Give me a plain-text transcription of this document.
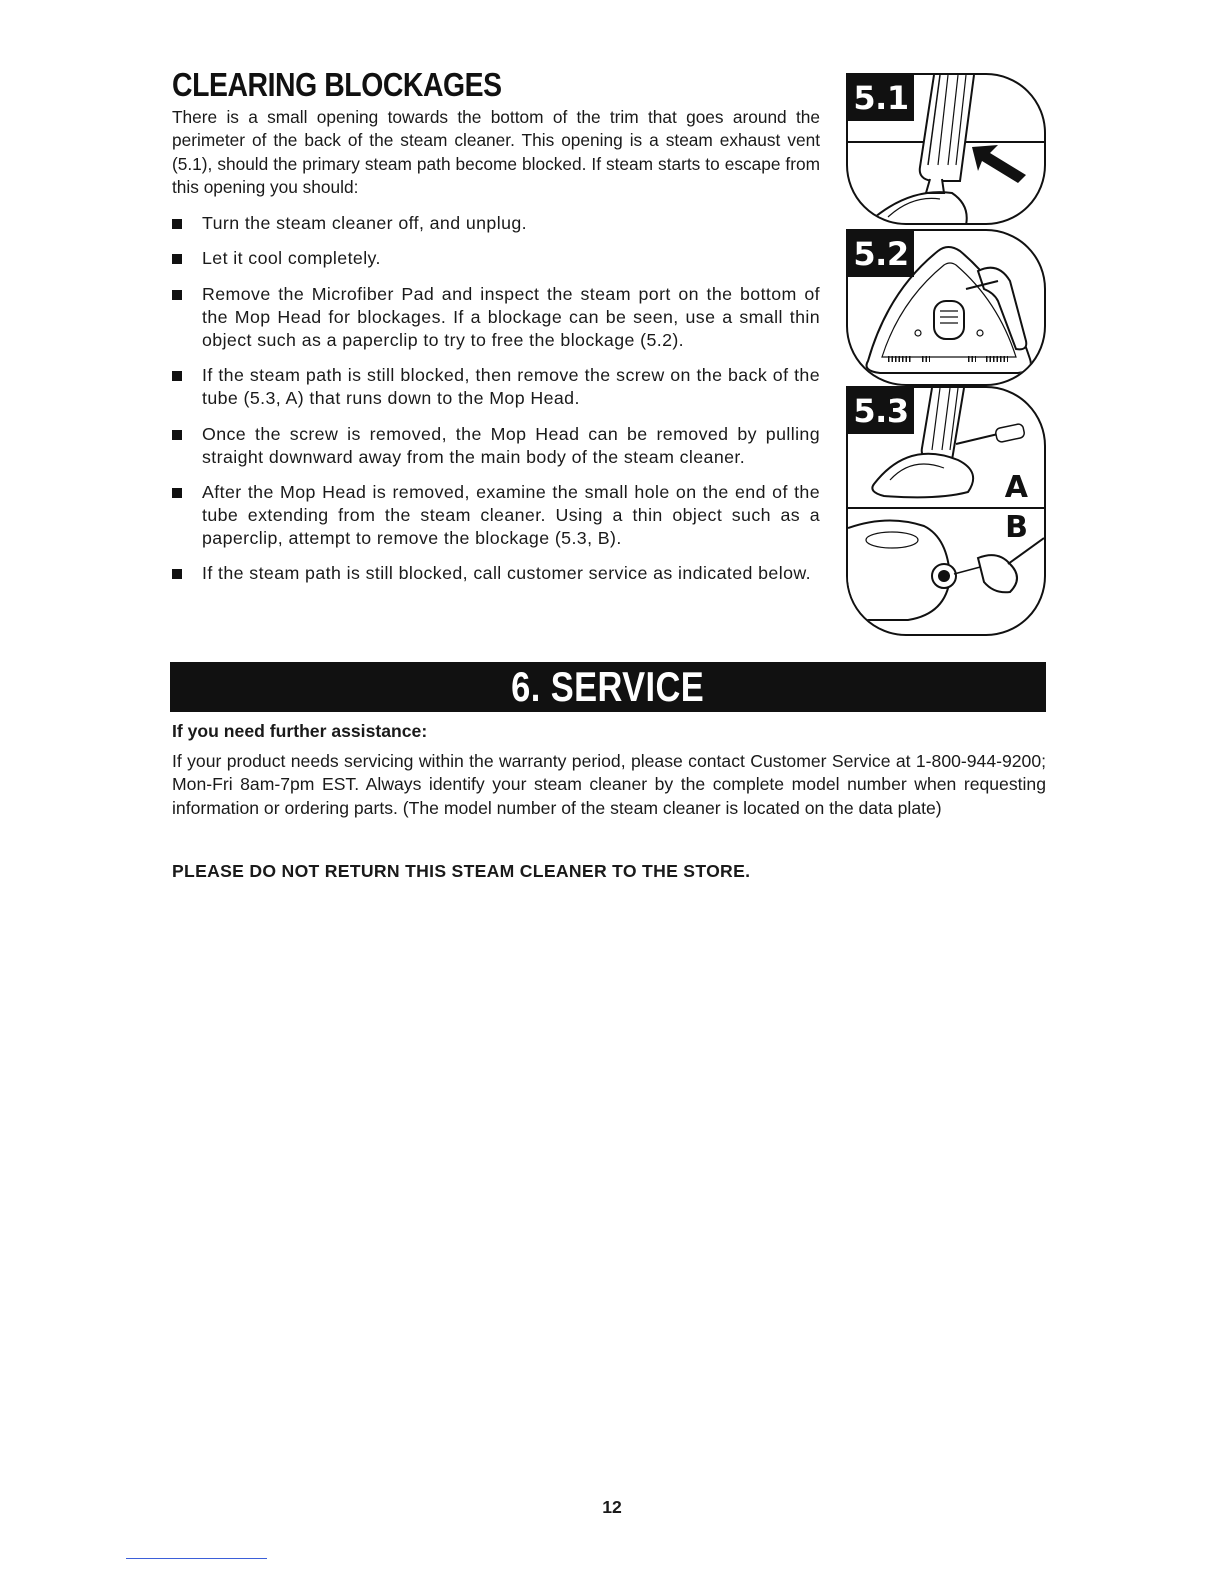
CLEARING BLOCKAGES

There is a small opening towards the bottom of the trim that goes around the perimeter of the back of the steam cleaner. This opening is a steam exhaust vent (5.1), should the primary steam path become blocked. If steam starts to escape from this opening you should:

Turn the steam cleaner off, and unplug.
Let it cool completely.
Remove the Microfiber Pad and inspect the steam port on the bottom of the Mop Head for blockages. If a blockage can be seen, use a small thin object such as a paperclip to try to free the blockage (5.2).
If the steam path is still blocked, then remove the screw on the back of the tube (5.3, A) that runs down to the Mop Head.
Once the screw is removed, the Mop Head can be removed by pulling straight downward away from the main body of the steam cleaner.
After the Mop Head is removed, examine the small hole on the end of the tube extending from the steam cleaner. Using a thin object such as a paperclip, attempt to remove the blockage (5.3, B).
If the steam path is still blocked, call customer service as indicated below.
5.1
5.2
5.3
A
B
6. SERVICE

If you need further assistance:

If your product needs servicing within the warranty period, please contact Customer Service at 1-800-944-9200; Mon-Fri 8am-7pm EST. Always identify your steam cleaner by the complete model number when requesting information or ordering parts. (The model number of the steam cleaner is located on the data plate)

PLEASE DO NOT RETURN THIS STEAM CLEANER TO THE STORE.

12
